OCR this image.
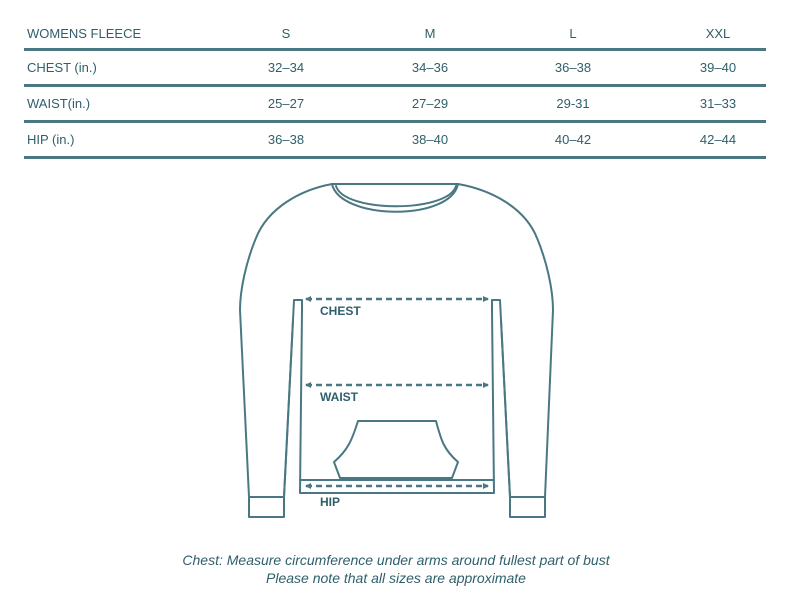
WOMENS FLEECE	S	M	L	XXL
CHEST (in.)	32–34	34–36	36–38	39–40
WAIST(in.)	25–27	27–29	29-31	31–33
HIP (in.)	36–38	38–40	40–42	42–44
CHEST
WAIST
HIP
Chest: Measure circumference under arms around fullest part of bust
Please note that all sizes are approximate
